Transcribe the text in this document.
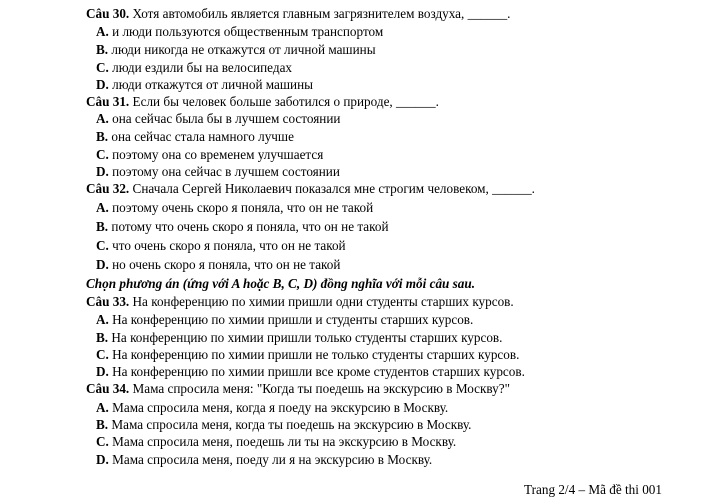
Câu 30. Хотя автомобиль является главным загрязнителем воздуха, ______.
A. и люди пользуются общественным транспортом
B. люди никогда не откажутся от личной машины
C. люди ездили бы на велосипедах
D. люди откажутся от личной машины
Câu 31. Если бы человек больше заботился о природе, ______.
A. она сейчас была бы в лучшем состоянии
B. она сейчас стала намного лучше
C. поэтому она со временем улучшается
D. поэтому она сейчас в лучшем состоянии
Câu 32. Сначала Сергей Николаевич показался мне строгим человеком, ______.
A. поэтому очень скоро я поняла, что он не такой
B. потому что очень скоро я поняла, что он не такой
C. что очень скоро я поняла, что он не такой
D. но очень скоро я поняла, что он не такой
Chọn phương án (ứng với A hoặc B, C, D) đồng nghĩa với mỗi câu sau.
Câu 33. На конференцию по химии пришли одни студенты старших курсов.
A. На конференцию по химии пришли и студенты старших курсов.
B. На конференцию по химии пришли только студенты старших курсов.
C. На конференцию по химии пришли не только студенты старших курсов.
D. На конференцию по химии пришли все кроме студентов старших курсов.
Câu 34. Мама спросила меня: "Когда ты поедешь на экскурсию в Москву?"
A. Мама спросила меня, когда я поеду на экскурсию в Москву.
B. Мама спросила меня, когда ты поедешь на экскурсию в Москву.
C. Мама спросила меня, поедешь ли ты на экскурсию в Москву.
D. Мама спросила меня, поеду ли я на экскурсию в Москву.
Trang 2/4 – Mã đề thi 001
